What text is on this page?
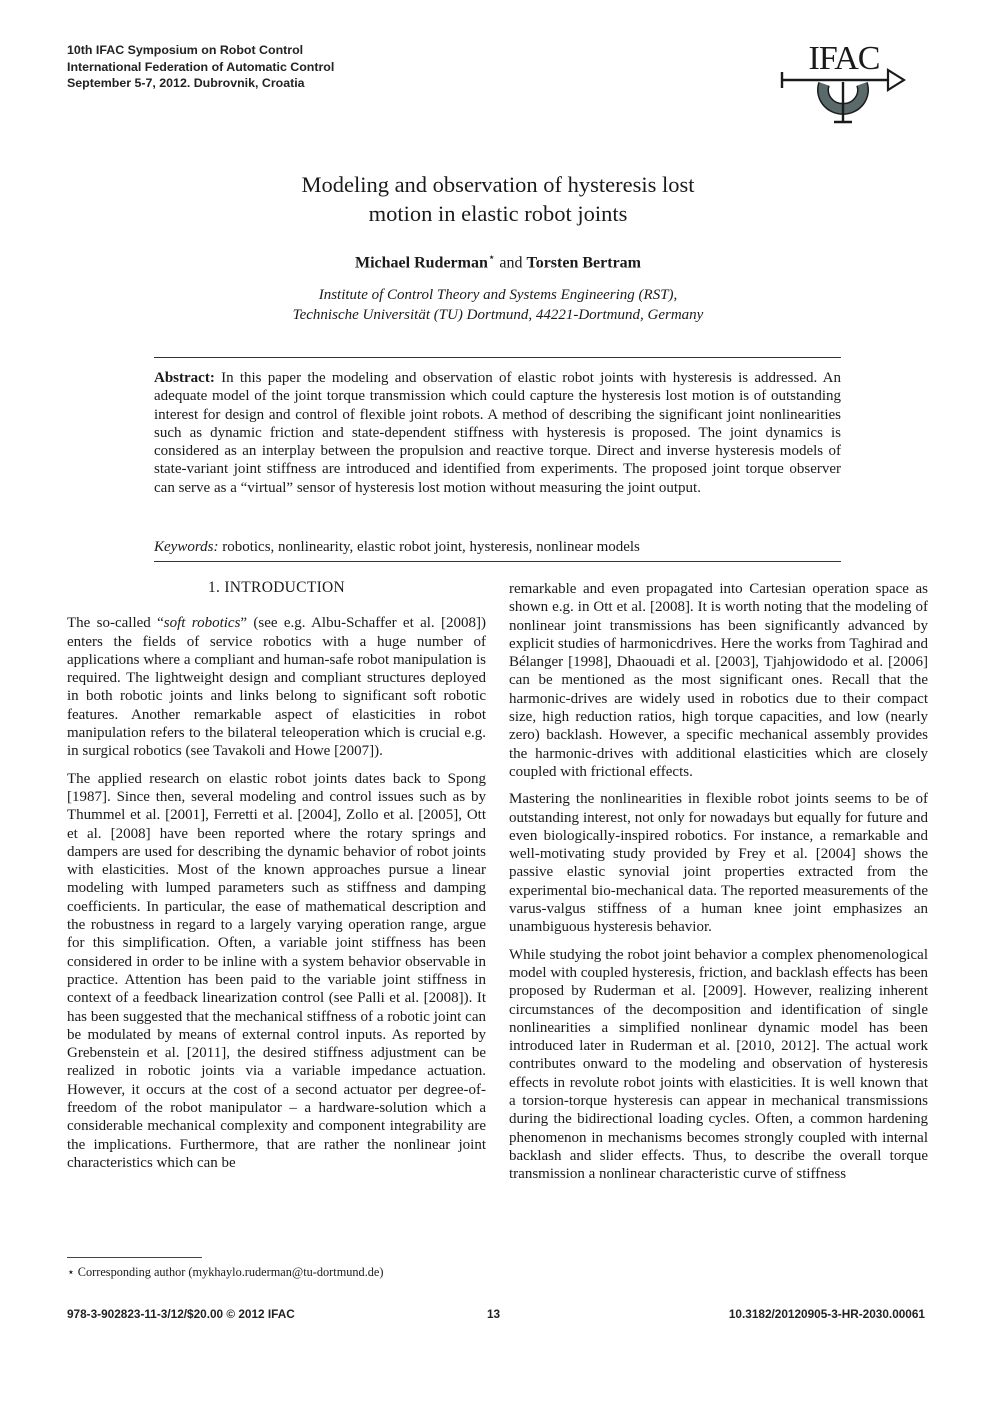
10th IFAC Symposium on Robot Control
International Federation of Automatic Control
September 5-7, 2012. Dubrovnik, Croatia
IFAC
Modeling and observation of hysteresis lost
motion in elastic robot joints
Michael Ruderman⋆ and Torsten Bertram
Institute of Control Theory and Systems Engineering (RST),
Technische Universität (TU) Dortmund, 44221-Dortmund, Germany
Abstract: In this paper the modeling and observation of elastic robot joints with hysteresis is addressed. An adequate model of the joint torque transmission which could capture the hysteresis lost motion is of outstanding interest for design and control of flexible joint robots. A method of describing the significant joint nonlinearities such as dynamic friction and state-dependent stiffness with hysteresis is proposed. The joint dynamics is considered as an interplay between the propulsion and reactive torque. Direct and inverse hysteresis models of state-variant joint stiffness are introduced and identified from experiments. The proposed joint torque observer can serve as a “virtual” sensor of hysteresis lost motion without measuring the joint output.
Keywords: robotics, nonlinearity, elastic robot joint, hysteresis, nonlinear models
1. INTRODUCTION

The so-called “soft robotics” (see e.g. Albu-Schaffer et al. [2008]) enters the fields of service robotics with a huge number of applications where a compliant and human-safe robot manipulation is required. The lightweight design and compliant structures deployed in both robotic joints and links belong to significant soft robotic features. Another remarkable aspect of elasticities in robot manipulation refers to the bilateral teleoperation which is crucial e.g. in surgical robotics (see Tavakoli and Howe [2007]).

The applied research on elastic robot joints dates back to Spong [1987]. Since then, several modeling and control issues such as by Thummel et al. [2001], Ferretti et al. [2004], Zollo et al. [2005], Ott et al. [2008] have been reported where the rotary springs and dampers are used for describing the dynamic behavior of robot joints with elasticities. Most of the known approaches pursue a linear modeling with lumped parameters such as stiffness and damping coefficients. In particular, the ease of mathematical description and the robustness in regard to a largely varying operation range, argue for this simplification. Often, a variable joint stiffness has been considered in order to be inline with a system behavior observable in practice. Attention has been paid to the variable joint stiffness in context of a feedback linearization control (see Palli et al. [2008]). It has been suggested that the mechanical stiffness of a robotic joint can be modulated by means of external control inputs. As reported by Grebenstein et al. [2011], the desired stiffness adjustment can be realized in robotic joints via a variable impedance actuation. However, it occurs at the cost of a second actuator per degree-offreedom of the robot manipulator – a hardware-solution which a considerable mechanical complexity and component integrability are the implications. Furthermore, that are rather the nonlinear joint characteristics which can be

remarkable and even propagated into Cartesian operation space as shown e.g. in Ott et al. [2008]. It is worth noting that the modeling of nonlinear joint transmissions has been significantly advanced by explicit studies of harmonicdrives. Here the works from Taghirad and Bélanger [1998], Dhaouadi et al. [2003], Tjahjowidodo et al. [2006] can be mentioned as the most significant ones. Recall that the harmonic-drives are widely used in robotics due to their compact size, high reduction ratios, high torque capacities, and low (nearly zero) backlash. However, a specific mechanical assembly provides the harmonic-drives with additional elasticities which are closely coupled with frictional effects.

Mastering the nonlinearities in flexible robot joints seems to be of outstanding interest, not only for nowadays but equally for future and even biologically-inspired robotics. For instance, a remarkable and well-motivating study provided by Frey et al. [2004] shows the passive elastic synovial joint properties extracted from the experimental bio-mechanical data. The reported measurements of the varus-valgus stiffness of a human knee joint emphasizes an unambiguous hysteresis behavior.

While studying the robot joint behavior a complex phenomenological model with coupled hysteresis, friction, and backlash effects has been proposed by Ruderman et al. [2009]. However, realizing inherent circumstances of the decomposition and identification of single nonlinearities a simplified nonlinear dynamic model has been introduced later in Ruderman et al. [2010, 2012]. The actual work contributes onward to the modeling and observation of hysteresis effects in revolute robot joints with elasticities. It is well known that a torsion-torque hysteresis can appear in mechanical transmissions during the bidirectional loading cycles. Often, a common hardening phenomenon in mechanisms becomes strongly coupled with internal backlash and slider effects. Thus, to describe the overall torque transmission a nonlinear characteristic curve of stiffness

⋆ Corresponding author (mykhaylo.ruderman@tu-dortmund.de)
978-3-902823-11-3/12/$20.00 © 2012 IFAC	13	10.3182/20120905-3-HR-2030.00061
